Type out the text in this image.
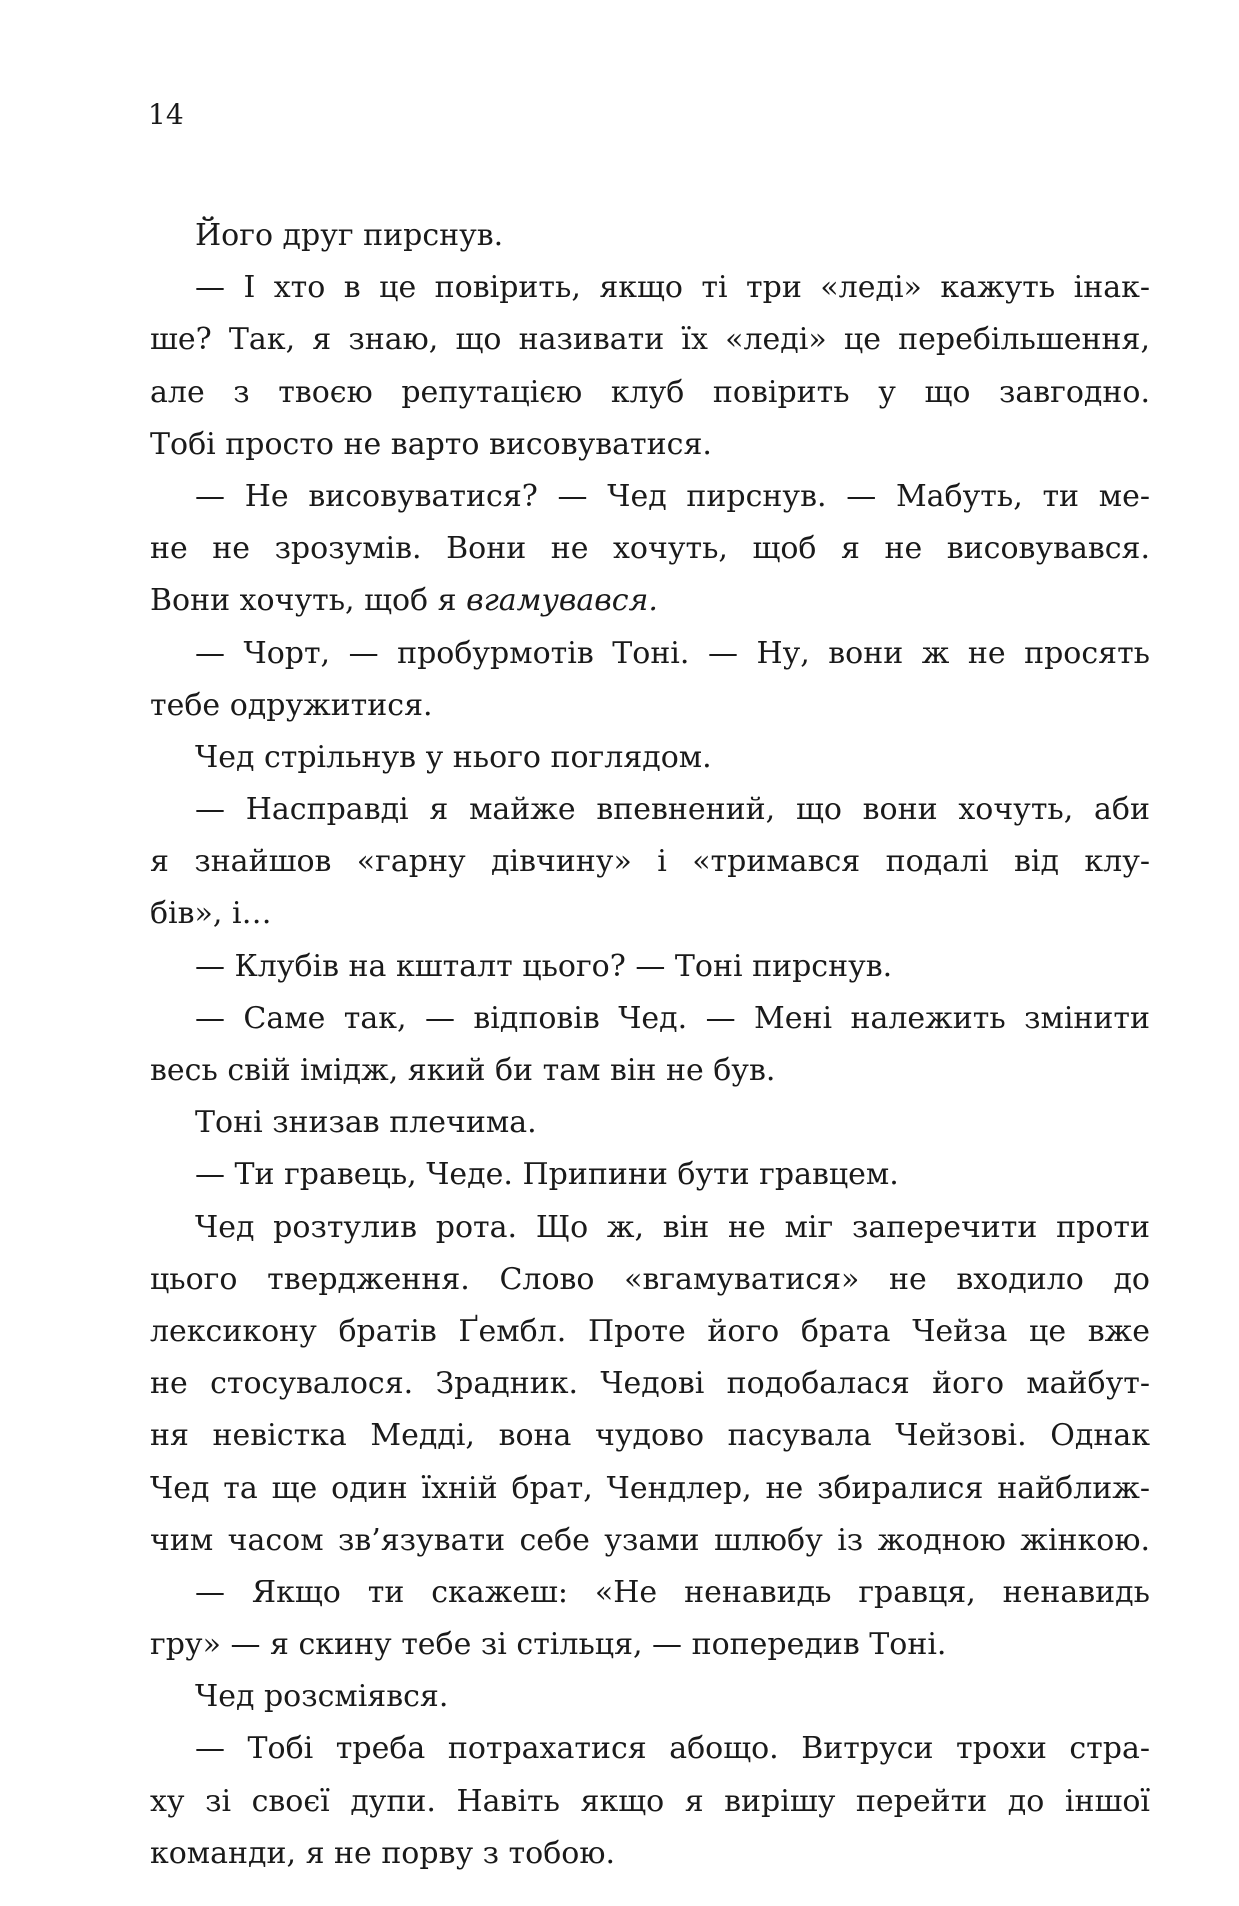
14
Його друг пирснув.
— І хто в це повірить, якщо ті три «леді» кажуть інак-
ше? Так, я знаю, що називати їх «леді» це перебільшення,
але з твоєю репутацією клуб повірить у що завгодно.
Тобі просто не варто висовуватися.
— Не висовуватися? — Чед пирснув. — Мабуть, ти ме-
не не зрозумів. Вони не хочуть, щоб я не висовувався.
Вони хочуть, щоб я вгамувався.
— Чорт, — пробурмотів Тоні. — Ну, вони ж не просять
тебе одружитися.
Чед стрільнув у нього поглядом.
— Насправді я майже впевнений, що вони хочуть, аби
я знайшов «гарну дівчину» і «тримався подалі від клу-
бів», і…
— Клубів на кшталт цього? — Тоні пирснув.
— Саме так, — відповів Чед. — Мені належить змінити
весь свій імідж, який би там він не був.
Тоні знизав плечима.
— Ти гравець, Чеде. Припини бути гравцем.
Чед розтулив рота. Що ж, він не міг заперечити проти
цього твердження. Слово «вгамуватися» не входило до
лексикону братів Ґембл. Проте його брата Чейза це вже
не стосувалося. Зрадник. Чедові подобалася його майбут-
ня невістка Медді, вона чудово пасувала Чейзові. Однак
Чед та ще один їхній брат, Чендлер, не збиралися найближ-
чим часом зв’язувати себе узами шлюбу із жодною жінкою.
— Якщо ти скажеш: «Не ненавидь гравця, ненавидь
гру» — я скину тебе зі стільця, — попередив Тоні.
Чед розсміявся.
— Тобі треба потрахатися абощо. Витруси трохи стра-
ху зі своєї дупи. Навіть якщо я вирішу перейти до іншої
команди, я не порву з тобою.
